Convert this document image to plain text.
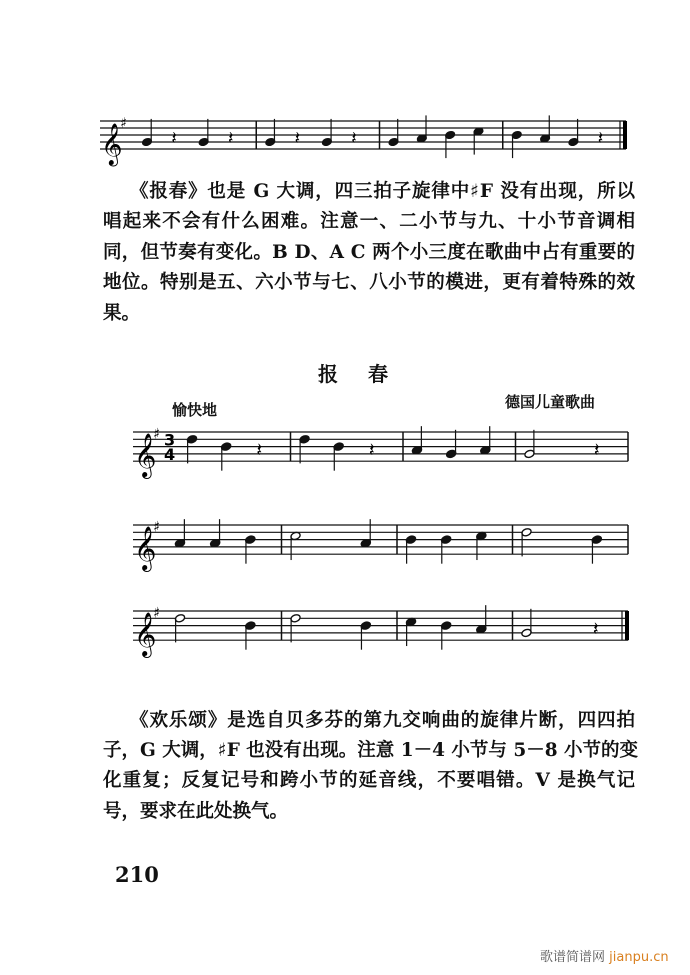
𝄞
♯
𝄽	𝄽	𝄽	𝄽	𝄽
𝄞
♯ 3
4	𝄽	𝄽	𝄽
𝄞
♯
𝄞
♯
𝄽
《报春》也是 G 大调，四三拍子旋律中♯F 没有出现，所以
唱起来不会有什么困难。注意一、二小节与九、十小节音调相
同，但节奏有变化。B D、A C 两个小三度在歌曲中占有重要的
地位。特别是五、六小节与七、八小节的模进，更有着特殊的效
果。
报春
愉快地	德国儿童歌曲
《欢乐颂》是选自贝多芬的第九交响曲的旋律片断，四四拍
子，G 大调，♯F 也没有出现。注意 1－4 小节与 5－8 小节的变
化重复；反复记号和跨小节的延音线，不要唱错。V 是换气记
号，要求在此处换气。
210
歌谱简谱网 jianpu.cn
